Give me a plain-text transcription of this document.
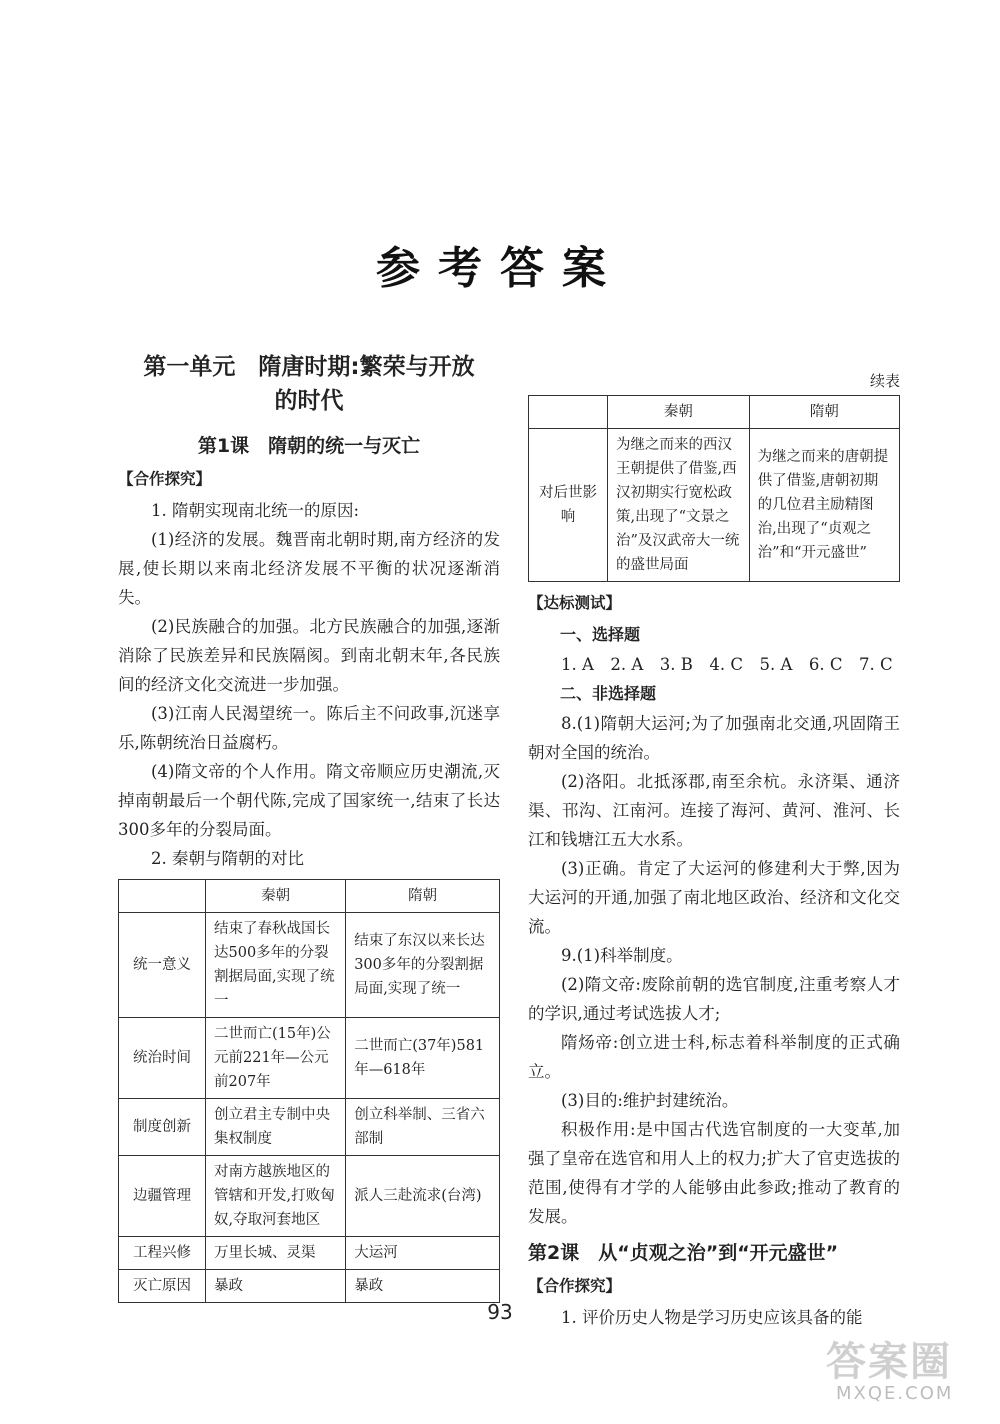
参考答案
第一单元　隋唐时期:繁荣与开放
的时代
第1课　隋朝的统一与灭亡
【合作探究】

1. 隋朝实现南北统一的原因:

(1)经济的发展。魏晋南北朝时期,南方经济的发展,使长期以来南北经济发展不平衡的状况逐渐消失。

(2)民族融合的加强。北方民族融合的加强,逐渐消除了民族差异和民族隔阂。到南北朝末年,各民族间的经济文化交流进一步加强。

(3)江南人民渴望统一。陈后主不问政事,沉迷享乐,陈朝统治日益腐朽。

(4)隋文帝的个人作用。隋文帝顺应历史潮流,灭掉南朝最后一个朝代陈,完成了国家统一,结束了长达300多年的分裂局面。

2. 秦朝与隋朝的对比

	秦朝	隋朝
统一意义	结束了春秋战国长达500多年的分裂割据局面,实现了统一	结束了东汉以来长达300多年的分裂割据局面,实现了统一
统治时间	二世而亡(15年)公元前221年—公元前207年	二世而亡(37年)581年—618年
制度创新	创立君主专制中央集权制度	创立科举制、三省六部制
边疆管理	对南方越族地区的管辖和开发,打败匈奴,夺取河套地区	派人三赴流求(台湾)
工程兴修	万里长城、灵渠	大运河
灭亡原因	暴政	暴政
续表
	秦朝	隋朝
对后世影响	为继之而来的西汉王朝提供了借鉴,西汉初期实行宽松政策,出现了“文景之治”及汉武帝大一统的盛世局面	为继之而来的唐朝提供了借鉴,唐朝初期的几位君主励精图治,出现了“贞观之治”和“开元盛世”
【达标测试】

一、选择题

1. A　2. A　3. B　4. C　5. A　6. C　7. C

二、非选择题

8.(1)隋朝大运河;为了加强南北交通,巩固隋王朝对全国的统治。

(2)洛阳。北抵涿郡,南至余杭。永济渠、通济渠、邗沟、江南河。连接了海河、黄河、淮河、长江和钱塘江五大水系。

(3)正确。肯定了大运河的修建利大于弊,因为大运河的开通,加强了南北地区政治、经济和文化交流。

9.(1)科举制度。

(2)隋文帝:废除前朝的选官制度,注重考察人才的学识,通过考试选拔人才;

隋炀帝:创立进士科,标志着科举制度的正式确立。

(3)目的:维护封建统治。

积极作用:是中国古代选官制度的一大变革,加强了皇帝在选官和用人上的权力;扩大了官吏选拔的范围,使得有才学的人能够由此参政;推动了教育的发展。

第2课　从“贞观之治”到“开元盛世”
【合作探究】

1. 评价历史人物是学习历史应该具备的能

93
答案圈
MXQE.COM
